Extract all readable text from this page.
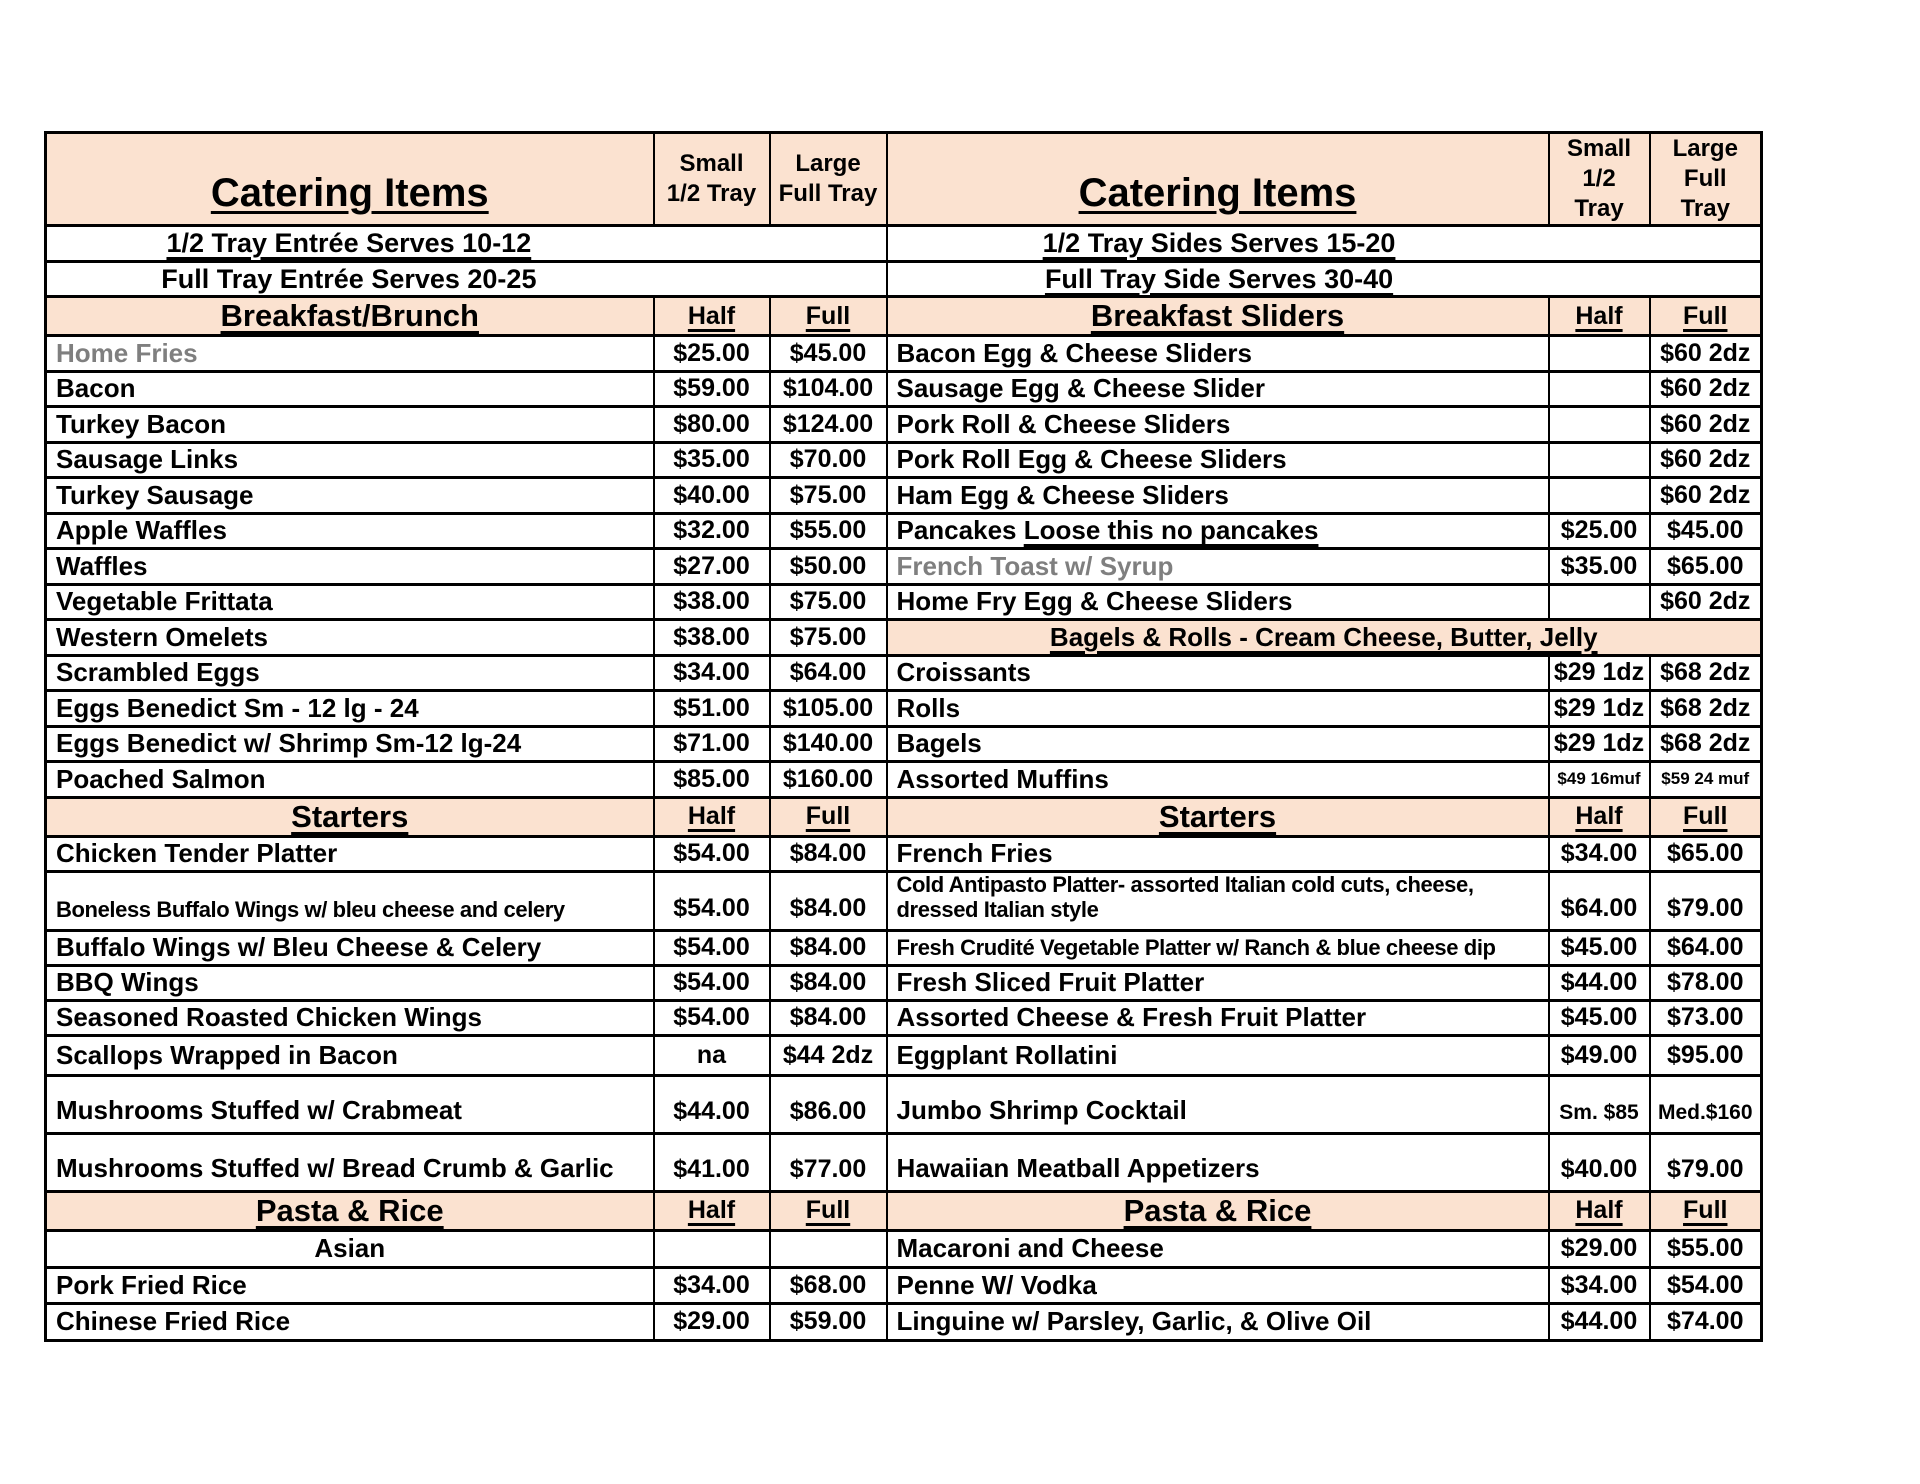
Catering Items	Small 1/2 Tray	Large Full Tray	Catering Items	Small 1/2 Tray	Large Full Tray

1/2 Tray Entrée Serves 10-12			1/2 Tray Sides Serves 15-20		

Full Tray Entrée Serves 20-25			Full Tray Side Serves 30-40		

Breakfast/Brunch	Half	Full	Breakfast Sliders	Half	Full
Home Fries	$25.00	$45.00	Bacon Egg & Cheese Sliders		$60 2dz
Bacon	$59.00	$104.00	Sausage Egg & Cheese Slider		$60 2dz
Turkey Bacon	$80.00	$124.00	Pork Roll & Cheese Sliders		$60 2dz
Sausage Links	$35.00	$70.00	Pork Roll Egg & Cheese Sliders		$60 2dz
Turkey Sausage	$40.00	$75.00	Ham Egg & Cheese Sliders		$60 2dz
Apple Waffles	$32.00	$55.00	Pancakes Loose this no pancakes	$25.00	$45.00
Waffles	$27.00	$50.00	French Toast w/ Syrup	$35.00	$65.00
Vegetable Frittata	$38.00	$75.00	Home Fry Egg & Cheese Sliders		$60 2dz
Western Omelets	$38.00	$75.00	Bagels & Rolls - Cream Cheese, Butter, Jelly		
Scrambled Eggs	$34.00	$64.00	Croissants	$29 1dz	$68 2dz
Eggs Benedict Sm - 12 lg - 24	$51.00	$105.00	Rolls	$29 1dz	$68 2dz
Eggs Benedict w/ Shrimp Sm-12 lg-24	$71.00	$140.00	Bagels	$29 1dz	$68 2dz
Poached Salmon	$85.00	$160.00	Assorted Muffins	$49 16muf	$59 24 muf
Starters	Half	Full	Starters	Half	Full
Chicken Tender Platter	$54.00	$84.00	French Fries	$34.00	$65.00
Boneless Buffalo Wings w/ bleu cheese and celery	$54.00	$84.00	Cold Antipasto Platter- assorted Italian cold cuts, cheese, dressed Italian style	$64.00	$79.00
Buffalo Wings w/ Bleu Cheese & Celery	$54.00	$84.00	Fresh Crudité Vegetable Platter w/ Ranch & blue cheese dip	$45.00	$64.00
BBQ Wings	$54.00	$84.00	Fresh Sliced Fruit Platter	$44.00	$78.00
Seasoned Roasted Chicken Wings	$54.00	$84.00	Assorted Cheese & Fresh Fruit Platter	$45.00	$73.00
Scallops Wrapped in Bacon	na	$44 2dz	Eggplant Rollatini	$49.00	$95.00
Mushrooms Stuffed w/ Crabmeat	$44.00	$86.00	Jumbo Shrimp Cocktail	Sm. $85	Med.$160
Mushrooms Stuffed w/ Bread Crumb & Garlic	$41.00	$77.00	Hawaiian Meatball Appetizers	$40.00	$79.00
Pasta & Rice	Half	Full	Pasta & Rice	Half	Full
Asian			Macaroni and Cheese	$29.00	$55.00
Pork Fried Rice	$34.00	$68.00	Penne W/ Vodka	$34.00	$54.00
Chinese Fried Rice	$29.00	$59.00	Linguine w/ Parsley, Garlic, & Olive Oil	$44.00	$74.00
